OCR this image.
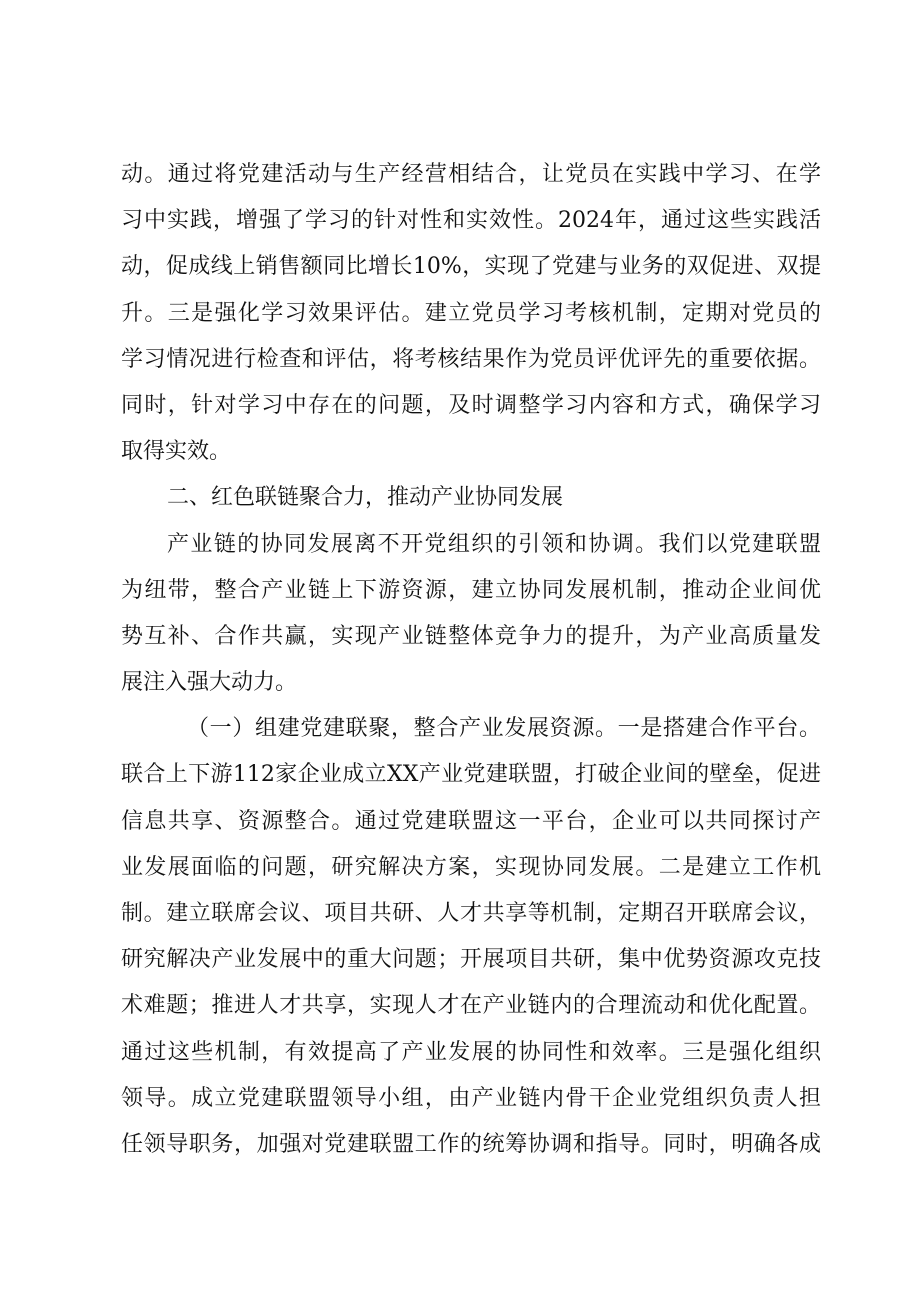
动。通过将党建活动与生产经营相结合，让党员在实践中学习、在学
习中实践，增强了学习的针对性和实效性。2024年，通过这些实践活
动，促成线上销售额同比增长10%，实现了党建与业务的双促进、双提
升。三是强化学习效果评估。建立党员学习考核机制，定期对党员的
学习情况进行检查和评估，将考核结果作为党员评优评先的重要依据。
同时，针对学习中存在的问题，及时调整学习内容和方式，确保学习
取得实效。
二、红色联链聚合力，推动产业协同发展
产业链的协同发展离不开党组织的引领和协调。我们以党建联盟
为纽带，整合产业链上下游资源，建立协同发展机制，推动企业间优
势互补、合作共赢，实现产业链整体竞争力的提升，为产业高质量发
展注入强大动力。
（一）组建党建联聚，整合产业发展资源。一是搭建合作平台。
联合上下游112家企业成立XX产业党建联盟，打破企业间的壁垒，促进
信息共享、资源整合。通过党建联盟这一平台，企业可以共同探讨产
业发展面临的问题，研究解决方案，实现协同发展。二是建立工作机
制。建立联席会议、项目共研、人才共享等机制，定期召开联席会议，
研究解决产业发展中的重大问题；开展项目共研，集中优势资源攻克技
术难题；推进人才共享，实现人才在产业链内的合理流动和优化配置。
通过这些机制，有效提高了产业发展的协同性和效率。三是强化组织
领导。成立党建联盟领导小组，由产业链内骨干企业党组织负责人担
任领导职务，加强对党建联盟工作的统筹协调和指导。同时，明确各成
